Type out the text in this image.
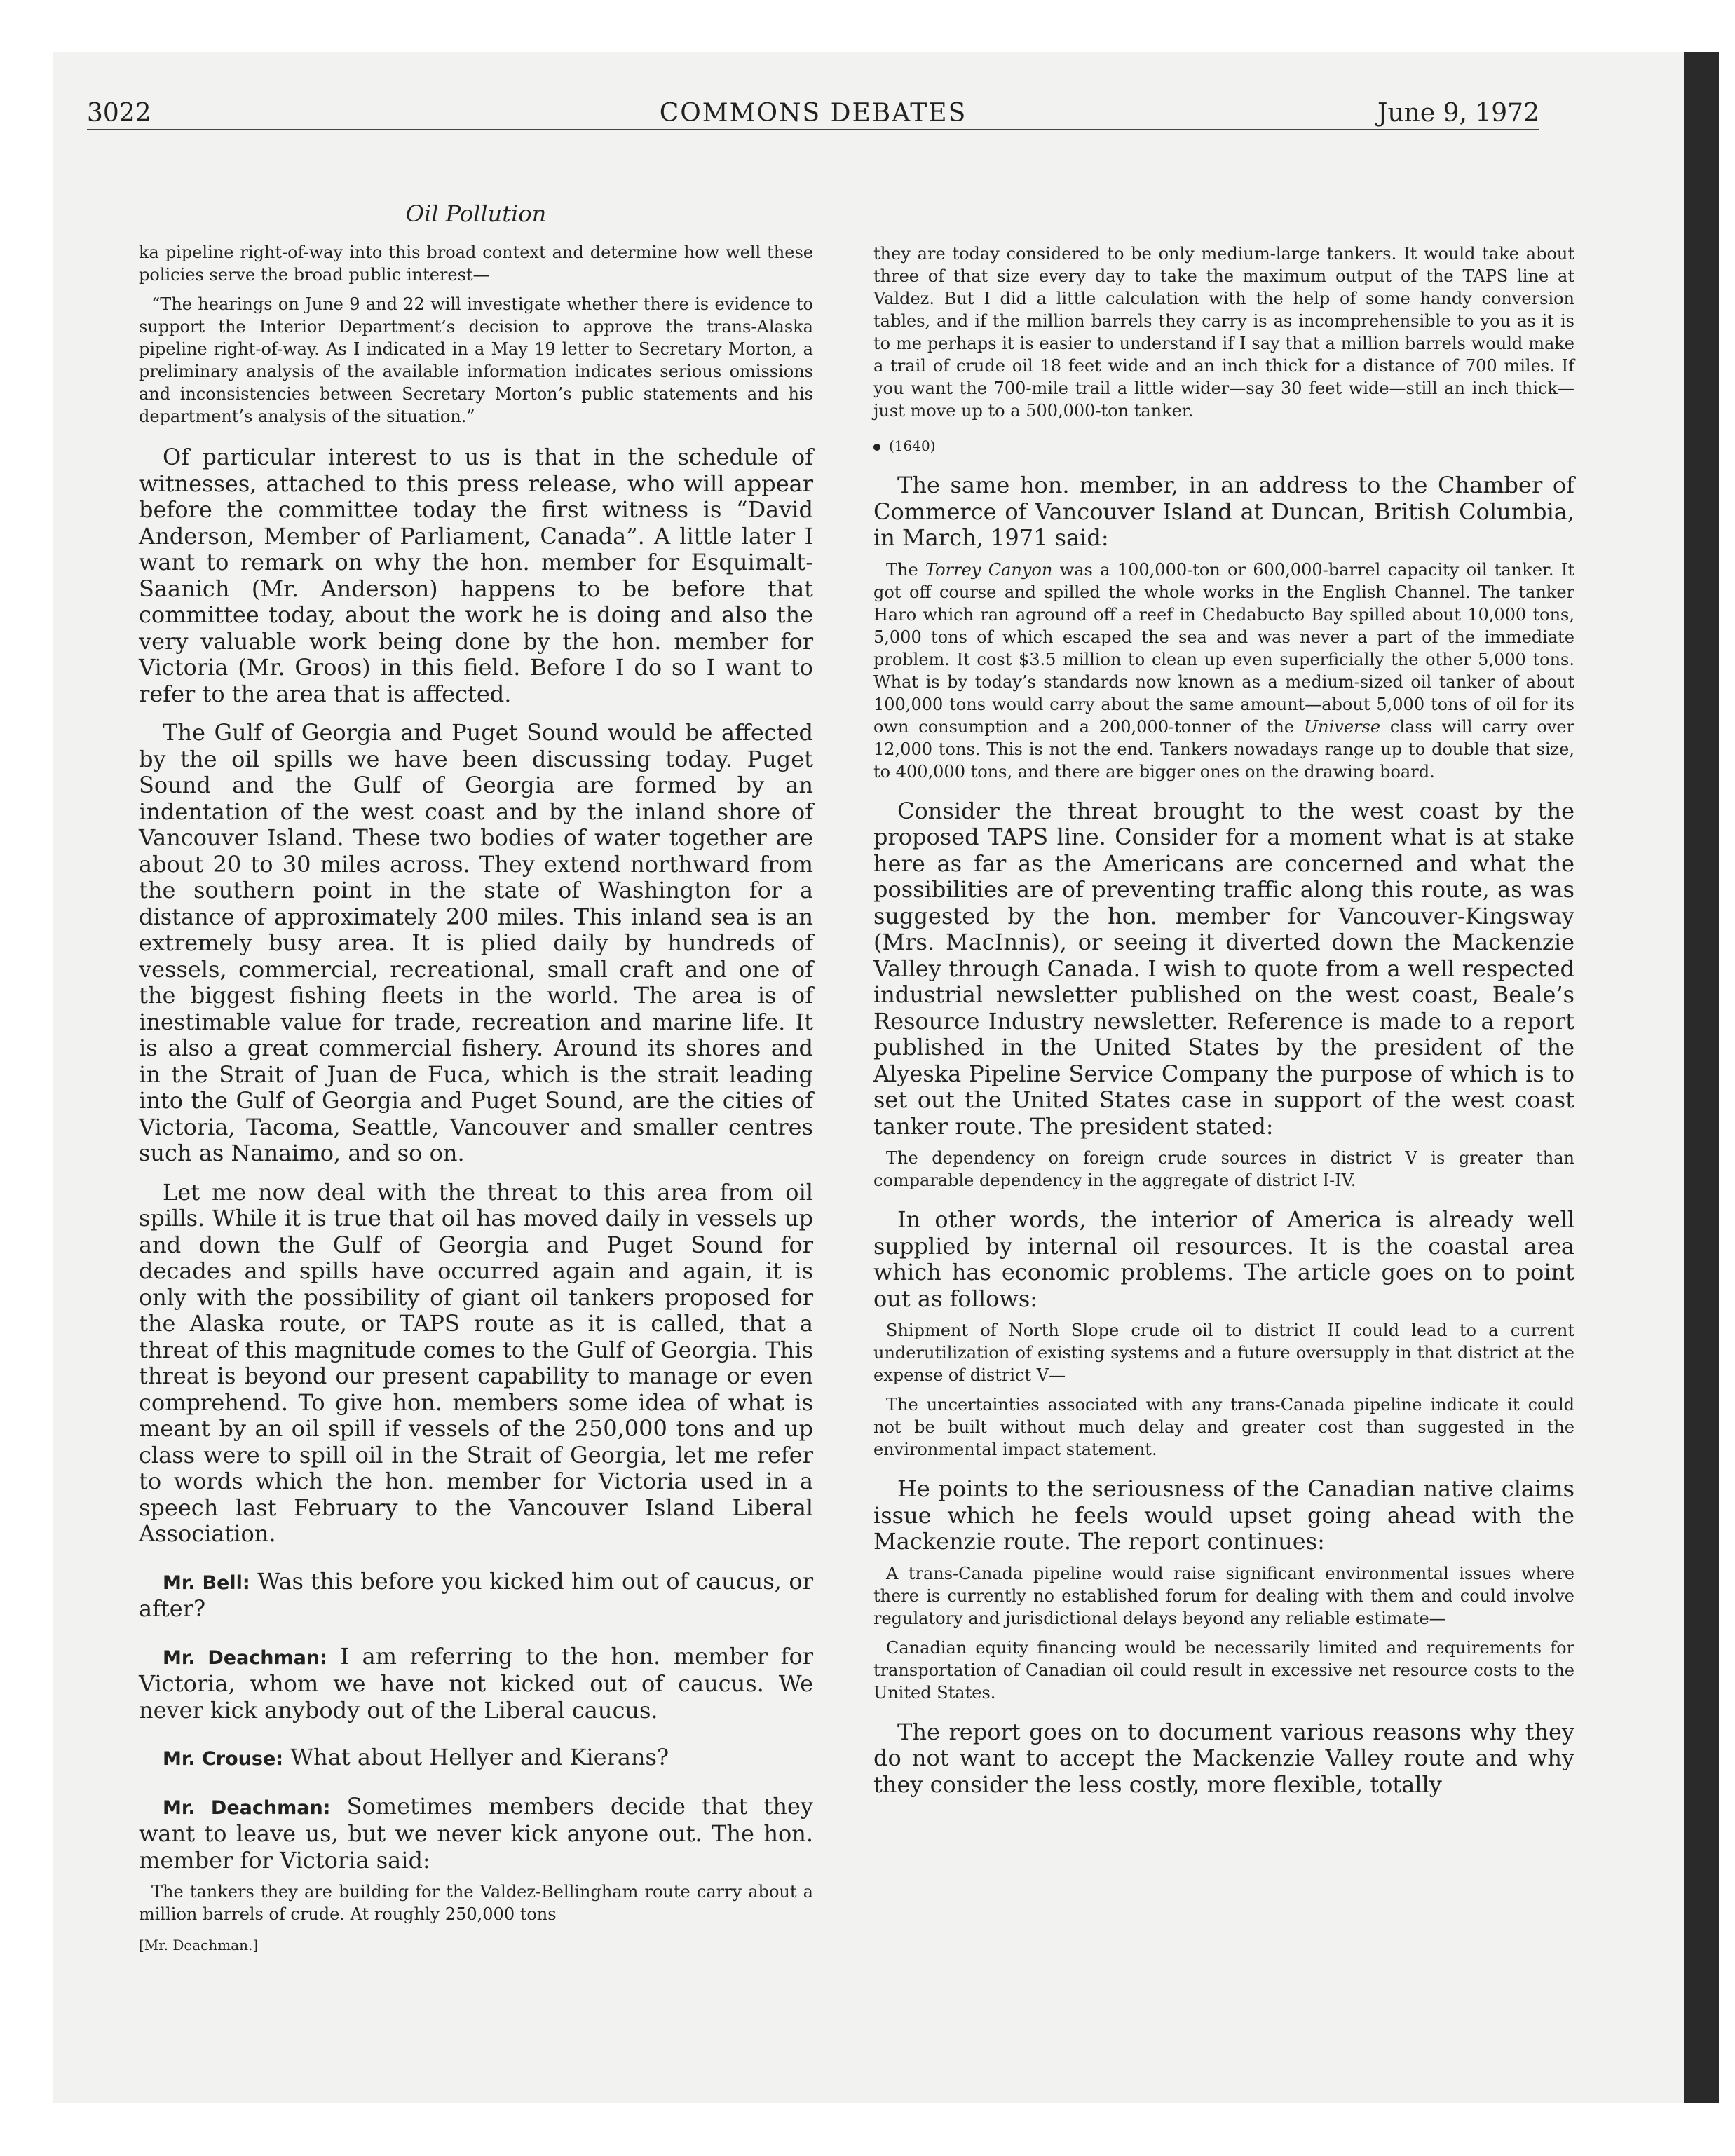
3022	COMMONS DEBATES	June 9, 1972
Oil Pollution

ka pipeline right-of-way into this broad context and determine how well these policies serve the broad public interest—

“The hearings on June 9 and 22 will investigate whether there is evidence to support the Interior Department’s decision to approve the trans-Alaska pipeline right-of-way. As I indicated in a May 19 letter to Secretary Morton, a preliminary analysis of the available information indicates serious omissions and inconsistencies between Secretary Morton’s public statements and his department’s analysis of the situation.”

Of particular interest to us is that in the schedule of witnesses, attached to this press release, who will appear before the committee today the first witness is “David Anderson, Member of Parliament, Canada”. A little later I want to remark on why the hon. member for Esquimalt-Saanich (Mr. Anderson) happens to be before that committee today, about the work he is doing and also the very valuable work being done by the hon. member for Victoria (Mr. Groos) in this field. Before I do so I want to refer to the area that is affected.

The Gulf of Georgia and Puget Sound would be affected by the oil spills we have been discussing today. Puget Sound and the Gulf of Georgia are formed by an indentation of the west coast and by the inland shore of Vancouver Island. These two bodies of water together are about 20 to 30 miles across. They extend northward from the southern point in the state of Washington for a distance of approximately 200 miles. This inland sea is an extremely busy area. It is plied daily by hundreds of vessels, commercial, recreational, small craft and one of the biggest fishing fleets in the world. The area is of inestimable value for trade, recreation and marine life. It is also a great commercial fishery. Around its shores and in the Strait of Juan de Fuca, which is the strait leading into the Gulf of Georgia and Puget Sound, are the cities of Victoria, Tacoma, Seattle, Vancouver and smaller centres such as Nanaimo, and so on.

Let me now deal with the threat to this area from oil spills. While it is true that oil has moved daily in vessels up and down the Gulf of Georgia and Puget Sound for decades and spills have occurred again and again, it is only with the possibility of giant oil tankers proposed for the Alaska route, or TAPS route as it is called, that a threat of this magnitude comes to the Gulf of Georgia. This threat is beyond our present capability to manage or even comprehend. To give hon. members some idea of what is meant by an oil spill if vessels of the 250,000 tons and up class were to spill oil in the Strait of Georgia, let me refer to words which the hon. member for Victoria used in a speech last February to the Vancouver Island Liberal Association.

Mr. Bell: Was this before you kicked him out of caucus, or after?

Mr. Deachman: I am referring to the hon. member for Victoria, whom we have not kicked out of caucus. We never kick anybody out of the Liberal caucus.

Mr. Crouse: What about Hellyer and Kierans?

Mr. Deachman: Sometimes members decide that they want to leave us, but we never kick anyone out. The hon. member for Victoria said:

The tankers they are building for the Valdez-Bellingham route carry about a million barrels of crude. At roughly 250,000 tons

[Mr. Deachman.]

they are today considered to be only medium-large tankers. It would take about three of that size every day to take the maximum output of the TAPS line at Valdez. But I did a little calculation with the help of some handy conversion tables, and if the million barrels they carry is as incomprehensible to you as it is to me perhaps it is easier to understand if I say that a million barrels would make a trail of crude oil 18 feet wide and an inch thick for a distance of 700 miles. If you want the 700-mile trail a little wider—say 30 feet wide—still an inch thick—just move up to a 500,000-ton tanker.

(1640)

The same hon. member, in an address to the Chamber of Commerce of Vancouver Island at Duncan, British Columbia, in March, 1971 said:

The Torrey Canyon was a 100,000-ton or 600,000-barrel capacity oil tanker. It got off course and spilled the whole works in the English Channel. The tanker Haro which ran aground off a reef in Chedabucto Bay spilled about 10,000 tons, 5,000 tons of which escaped the sea and was never a part of the immediate problem. It cost $3.5 million to clean up even superficially the other 5,000 tons. What is by today’s standards now known as a medium-sized oil tanker of about 100,000 tons would carry about the same amount—about 5,000 tons of oil for its own consumption and a 200,000-tonner of the Universe class will carry over 12,000 tons. This is not the end. Tankers nowadays range up to double that size, to 400,000 tons, and there are bigger ones on the drawing board.

Consider the threat brought to the west coast by the proposed TAPS line. Consider for a moment what is at stake here as far as the Americans are concerned and what the possibilities are of preventing traffic along this route, as was suggested by the hon. member for Vancouver-Kingsway (Mrs. MacInnis), or seeing it diverted down the Mackenzie Valley through Canada. I wish to quote from a well respected industrial newsletter published on the west coast, Beale’s Resource Industry newsletter. Reference is made to a report published in the United States by the president of the Alyeska Pipeline Service Company the purpose of which is to set out the United States case in support of the west coast tanker route. The president stated:

The dependency on foreign crude sources in district V is greater than comparable dependency in the aggregate of district I-IV.

In other words, the interior of America is already well supplied by internal oil resources. It is the coastal area which has economic problems. The article goes on to point out as follows:

Shipment of North Slope crude oil to district II could lead to a current underutilization of existing systems and a future oversupply in that district at the expense of district V—

The uncertainties associated with any trans-Canada pipeline indicate it could not be built without much delay and greater cost than suggested in the environmental impact statement.

He points to the seriousness of the Canadian native claims issue which he feels would upset going ahead with the Mackenzie route. The report continues:

A trans-Canada pipeline would raise significant environmental issues where there is currently no established forum for dealing with them and could involve regulatory and jurisdictional delays beyond any reliable estimate—

Canadian equity financing would be necessarily limited and requirements for transportation of Canadian oil could result in excessive net resource costs to the United States.

The report goes on to document various reasons why they do not want to accept the Mackenzie Valley route and why they consider the less costly, more flexible, totally
